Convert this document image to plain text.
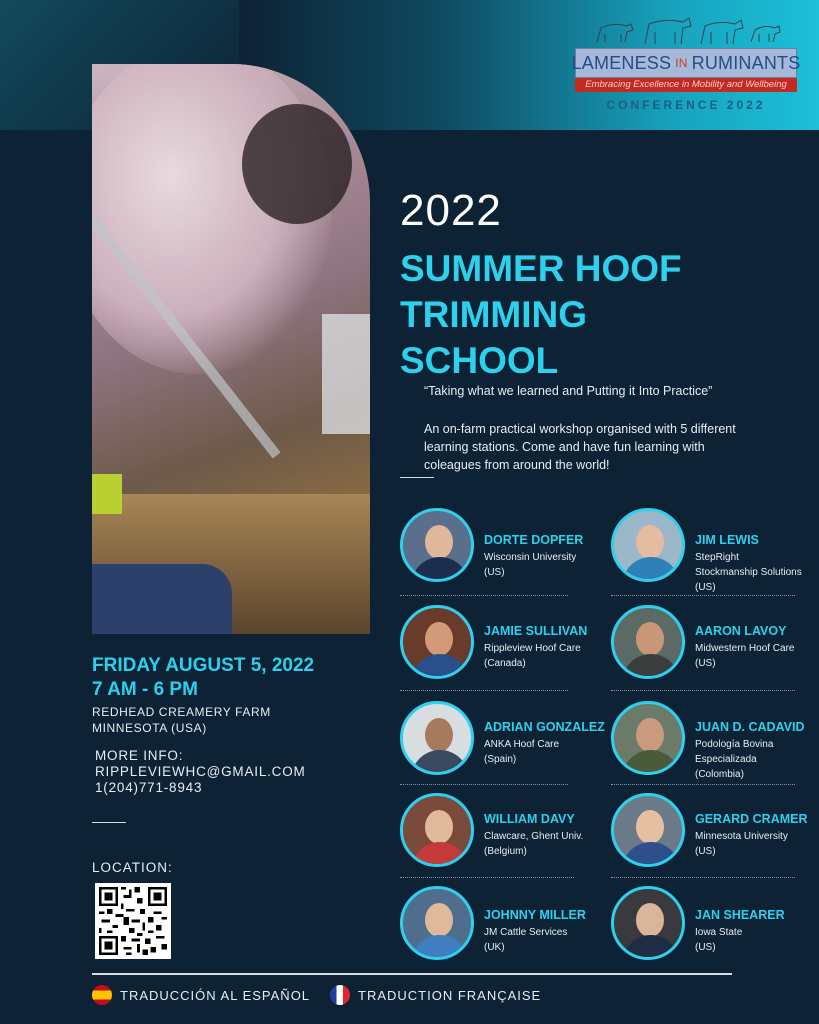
LAMENESS IN RUMINANTS
Embracing Excellence in Mobility and Wellbeing
CONFERENCE 2022
2022
SUMMER HOOF
TRIMMING
SCHOOL
“Taking what we learned and Putting it Into Practice”
An on-farm practical workshop organised with 5 different learning stations. Come and have fun learning with coleagues from around the world!
FRIDAY AUGUST 5, 2022
7 AM - 6 PM
REDHEAD CREAMERY FARM
MINNESOTA (USA)
MORE INFO:
RIPPLEVIEWHC@GMAIL.COM
1(204)771-8943
LOCATION:
DORTE DOPFER
Wisconsin University
(US)
JIM LEWIS
StepRight
Stockmanship Solutions
(US)
JAMIE SULLIVAN
Rippleview Hoof Care
(Canada)
AARON LAVOY
Midwestern Hoof Care
(US)
ADRIAN GONZALEZ
ANKA Hoof Care
(Spain)
JUAN D. CADAVID
Podología Bovina
Especializada
(Colombia)
WILLIAM DAVY
Clawcare, Ghent Univ.
(Belgium)
GERARD CRAMER
Minnesota University
(US)
JOHNNY MILLER
JM Cattle Services
(UK)
JAN SHEARER
Iowa State
(US)
TRADUCCIÓN AL ESPAÑOL	TRADUCTION FRANÇAISE
